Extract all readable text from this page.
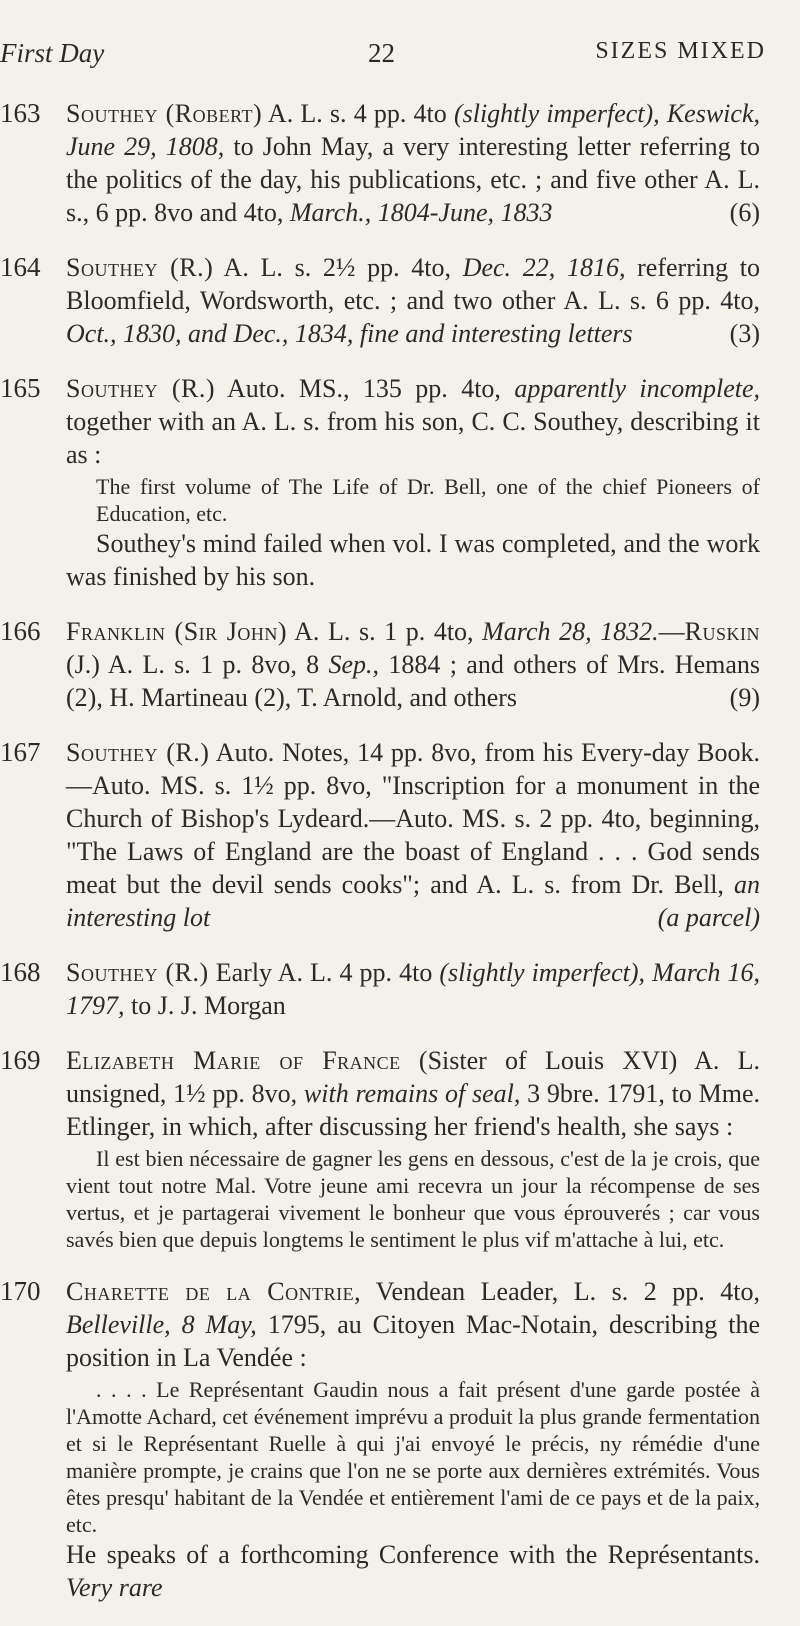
First Day	22	SIZES MIXED
163 Southey (Robert) A. L. s. 4 pp. 4to (slightly imperfect), Keswick, June 29, 1808, to John May, a very interesting letter referring to the politics of the day, his publications, etc. ; and five other A. L. s., 6 pp. 8vo and 4to, March., 1804-June, 1833	(6)
164 Southey (R.) A. L. s. 2½ pp. 4to, Dec. 22, 1816, referring to Bloomfield, Wordsworth, etc. ; and two other A. L. s. 6 pp. 4to, Oct., 1830, and Dec., 1834, fine and interesting letters	(3)
165 Southey (R.) Auto. MS., 135 pp. 4to, apparently incomplete, together with an A. L. s. from his son, C. C. Southey, describing it as :
The first volume of The Life of Dr. Bell, one of the chief Pioneers of Education, etc.
Southey's mind failed when vol. I was completed, and the work was finished by his son.
166 Franklin (Sir John) A. L. s. 1 p. 4to, March 28, 1832.—Ruskin (J.) A. L. s. 1 p. 8vo, 8 Sep., 1884 ; and others of Mrs. Hemans (2), H. Martineau (2), T. Arnold, and others	(9)
167 Southey (R.) Auto. Notes, 14 pp. 8vo, from his Every-day Book.—Auto. MS. s. 1½ pp. 8vo, "Inscription for a monument in the Church of Bishop's Lydeard.—Auto. MS. s. 2 pp. 4to, beginning, "The Laws of England are the boast of England . . . God sends meat but the devil sends cooks"; and A. L. s. from Dr. Bell, an interesting lot	(a parcel)
168 Southey (R.) Early A. L. 4 pp. 4to (slightly imperfect), March 16, 1797, to J. J. Morgan
169 Elizabeth Marie of France (Sister of Louis XVI) A. L. unsigned, 1½ pp. 8vo, with remains of seal, 3 9bre. 1791, to Mme. Etlinger, in which, after discussing her friend's health, she says :
Il est bien nécessaire de gagner les gens en dessous, c'est de la je crois, que vient tout notre Mal. Votre jeune ami recevra un jour la récompense de ses vertus, et je partagerai vivement le bonheur que vous éprouverés ; car vous savés bien que depuis longtems le sentiment le plus vif m'attache à lui, etc.
170 Charette de la Contrie, Vendean Leader, L. s. 2 pp. 4to, Belleville, 8 May, 1795, au Citoyen Mac-Notain, describing the position in La Vendée :
. . . . Le Représentant Gaudin nous a fait présent d'une garde postée à l'Amotte Achard, cet événement imprévu a produit la plus grande fermentation et si le Représentant Ruelle à qui j'ai envoyé le précis, ny rémédie d'une manière prompte, je crains que l'on ne se porte aux dernières extrémités. Vous êtes presqu' habitant de la Vendée et entièrement l'ami de ce pays et de la paix, etc.
He speaks of a forthcoming Conference with the Représentants. Very rare
